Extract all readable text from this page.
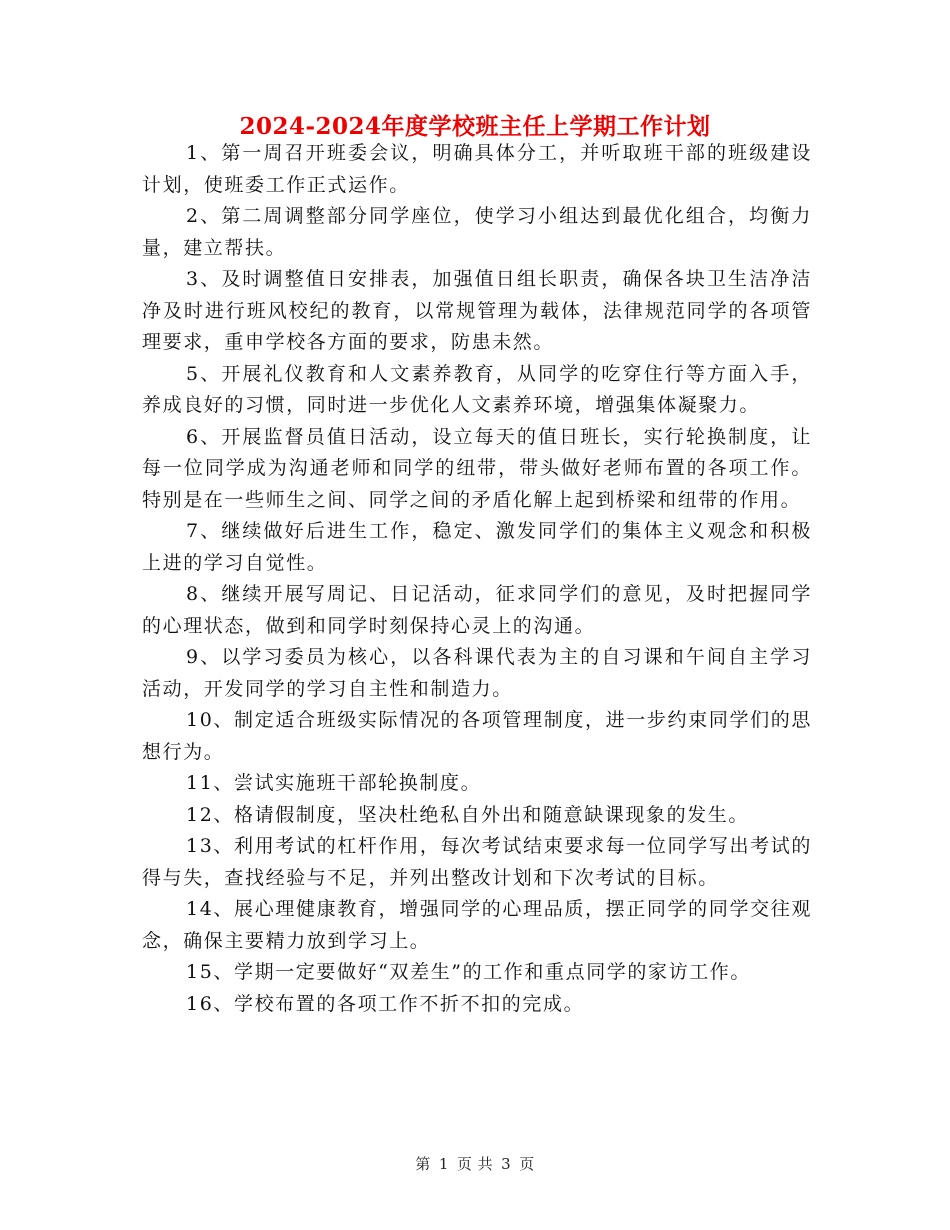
2024-2024年度学校班主任上学期工作计划

1、第一周召开班委会议，明确具体分工，并听取班干部的班级建设计划，使班委工作正式运作。

2、第二周调整部分同学座位，使学习小组达到最优化组合，均衡力量，建立帮扶。

3、及时调整值日安排表，加强值日组长职责，确保各块卫生洁净洁净及时进行班风校纪的教育，以常规管理为载体，法律规范同学的各项管理要求，重申学校各方面的要求，防患未然。

5、开展礼仪教育和人文素养教育，从同学的吃穿住行等方面入手，养成良好的习惯，同时进一步优化人文素养环境，增强集体凝聚力。

6、开展监督员值日活动，设立每天的值日班长，实行轮换制度，让每一位同学成为沟通老师和同学的纽带，带头做好老师布置的各项工作。特别是在一些师生之间、同学之间的矛盾化解上起到桥梁和纽带的作用。

7、继续做好后进生工作，稳定、激发同学们的集体主义观念和积极上进的学习自觉性。

8、继续开展写周记、日记活动，征求同学们的意见，及时把握同学的心理状态，做到和同学时刻保持心灵上的沟通。

9、以学习委员为核心，以各科课代表为主的自习课和午间自主学习活动，开发同学的学习自主性和制造力。

10、制定适合班级实际情况的各项管理制度，进一步约束同学们的思想行为。

11、尝试实施班干部轮换制度。

12、格请假制度，坚决杜绝私自外出和随意缺课现象的发生。

13、利用考试的杠杆作用，每次考试结束要求每一位同学写出考试的得与失，查找经验与不足，并列出整改计划和下次考试的目标。

14、展心理健康教育，增强同学的心理品质，摆正同学的同学交往观念，确保主要精力放到学习上。

15、学期一定要做好“双差生”的工作和重点同学的家访工作。

16、学校布置的各项工作不折不扣的完成。

第 1 页 共 3 页
